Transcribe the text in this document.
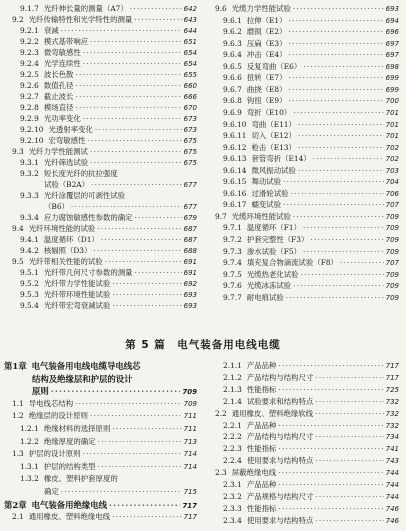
9.1.7 光纤伸长量的测量（A7） ·····	642
9.2 光纤传输特性和光学特性的测量 ·····	643
9.2.1 衰减 ·····	644
9.2.2 模式基带响应 ·····	651
9.2.3 微弯敏感性 ·····	654
9.2.4 光学连续性 ·····	654
9.2.5 波长色散 ·····	655
9.2.6 数值孔径 ·····	660
9.2.7 截止波长 ·····	666
9.2.8 模场直径 ·····	670
9.2.9 光功率变化 ·····	673
9.2.10 光透射率变化 ·····	673
9.2.10 宏弯敏感性 ·····	675
9.3 光纤力学性能测试 ·····	675
9.3.1 光纤筛选试验 ·····	675
9.3.2 短长度光纤的抗拉强度
试验（B2A） ·····	677
9.3.3 光纤涂覆层的可剥性试验
（B6） ·····	677
9.3.4 应力腐蚀敏感性参数的确定 ·····	679
9.4 光纤环境性能的试验 ·····	687
9.4.1 温度循环（D1） ·····	687
9.4.2 核辐照（D3） ·····	688
9.5 光纤带相关性能的试验 ·····	691
9.5.1 光纤带几何尺寸参数的测量 ·····	691
9.5.2 光纤带力学性能试验 ·····	692
9.5.3 光纤带环境性能试验 ·····	693
9.5.4 光纤带宏弯衰减试验 ·····	693
9.6 光缆力学性能试验 ·····	693
9.6.1 拉伸（E1） ·····	694
9.6.2 磨损（E2） ·····	696
9.6.3 压扁（E3） ·····	697
9.6.4 冲击（E4） ·····	697
9.6.5 反复弯曲（E6） ·····	698
9.6.6 扭转（E7） ·····	699
9.6.7 曲挠（E8） ·····	699
9.6.8 钩扭（E9） ·····	700
9.6.9 弯折（E10） ·····	701
9.6.10 弯曲（E11） ·····	701
9.6.11 切入（E12） ·····	701
9.6.12 枪击（E13） ·····	702
9.6.13 套管弯折（E14） ·····	702
9.6.14 微风振动试验 ·····	703
9.6.15 舞动试验 ·····	704
9.6.16 过滑轮试验 ·····	706
9.6.17 蠕变试验 ·····	707
9.7 光缆环境性能试验 ·····	709
9.7.1 温度循环（F1） ·····	709
9.7.2 护套完整性（F3） ·····	709
9.7.3 渗水试验（F5） ·····	709
9.7.4 填充复合物滴流试验（F8） ·····	707
9.7.5 光缆热老化试验 ·····	709
9.7.6 光缆冰冻试验 ·····	709
9.7.7 耐电痕试验 ·····	709
第 5 篇　电气装备用电线电缆
第1章 电气装备用电线电缆导电线芯
结构及绝缘层和护层的设计
原则 ·····	709
1.1 导电线芯结构 ·····	709
1.2 绝缘层的设计原则 ·····	711
1.2.1 绝缘材料的选择原则 ·····	711
1.2.2 绝缘厚度的确定 ·····	713
1.3 护层的设计原则 ·····	714
1.3.1 护层的结构类型 ·····	714
1.3.2 橡皮、塑料护套厚度的
确定 ·····	715
第2章 电气装备用绝缘电线 ·····	717
2.1 通用橡皮、塑料绝缘电线 ·····	717
2.1.1 产品品种 ·····	717
2.1.2 产品结构与结构尺寸 ·····	717
2.1.3 性能指标 ·····	725
2.1.4 试验要求和结构特点 ·····	732
2.2 通用橡皮、塑料绝缘软线 ·····	732
2.2.1 产品品种 ·····	732
2.2.2 产品结构与结构尺寸 ·····	734
2.2.3 性能指标 ·····	741
2.2.4 使用要求与结构特点 ·····	743
2.3 屏蔽绝缘电线 ·····	744
2.3.1 产品品种 ·····	744
2.3.2 产品规格与结构尺寸 ·····	744
2.3.3 性能指标 ·····	746
2.3.4 使用要求与结构特点 ·····	746
